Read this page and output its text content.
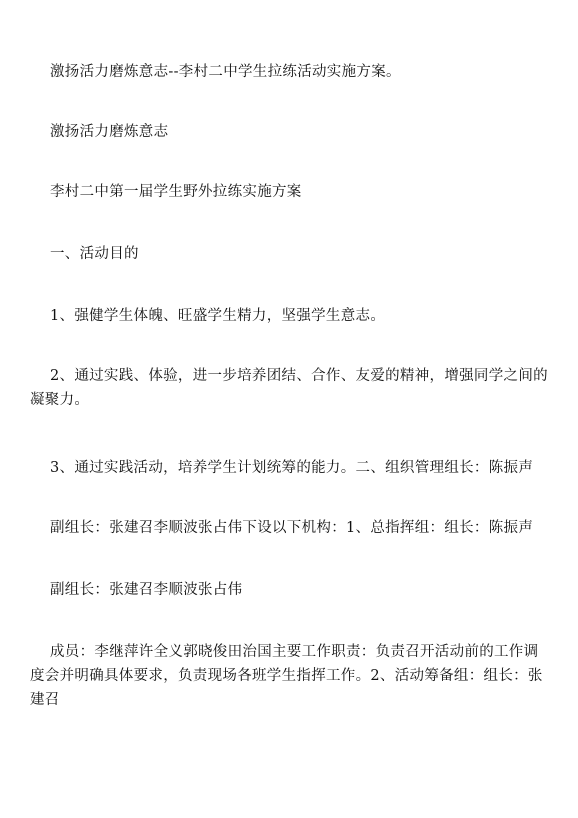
激扬活力磨炼意志--李村二中学生拉练活动实施方案。

激扬活力磨炼意志

李村二中第一届学生野外拉练实施方案

一、活动目的

1、强健学生体魄、旺盛学生精力，坚强学生意志。

2、通过实践、体验，进一步培养团结、合作、友爱的精神，增强同学之间的凝聚力。

3、通过实践活动，培养学生计划统筹的能力。二、组织管理组长：陈振声

副组长：张建召李顺波张占伟下设以下机构：1、总指挥组：组长：陈振声

副组长：张建召李顺波张占伟

成员：李继萍许全义郭晓俊田治国主要工作职责：负责召开活动前的工作调度会并明确具体要求，负责现场各班学生指挥工作。2、活动筹备组：组长：张建召
